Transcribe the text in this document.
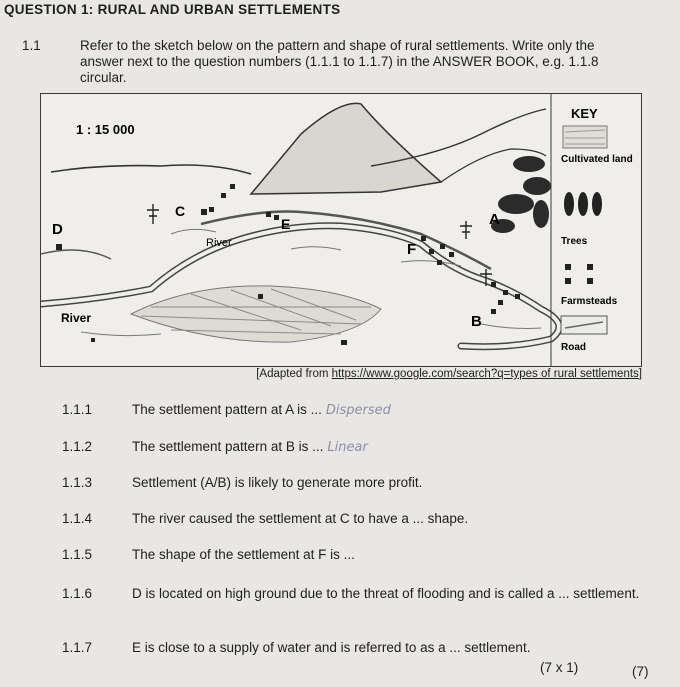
QUESTION 1: RURAL AND URBAN SETTLEMENTS
1.1	Refer to the sketch below on the pattern and shape of rural settlements. Write only the answer next to the question numbers (1.1.1 to 1.1.7) in the ANSWER BOOK, e.g. 1.1.8 circular.
1 : 15 000
C
E
D
A
F
B
River
River
KEY
Cultivated land
Trees
Farmsteads
Road
[Adapted from https://www.google.com/search?q=types of rural settlements]
1.1.1	The settlement pattern at A is ... Dispersed
1.1.2	The settlement pattern at B is ... Linear
1.1.3	Settlement (A/B) is likely to generate more profit.
1.1.4	The river caused the settlement at C to have a ... shape.
1.1.5	The shape of the settlement at F is ...
1.1.6	D is located on high ground due to the threat of flooding and is called a ... settlement.
1.1.7	E is close to a supply of water and is referred to as a ... settlement.
(7 x 1)	(7)
